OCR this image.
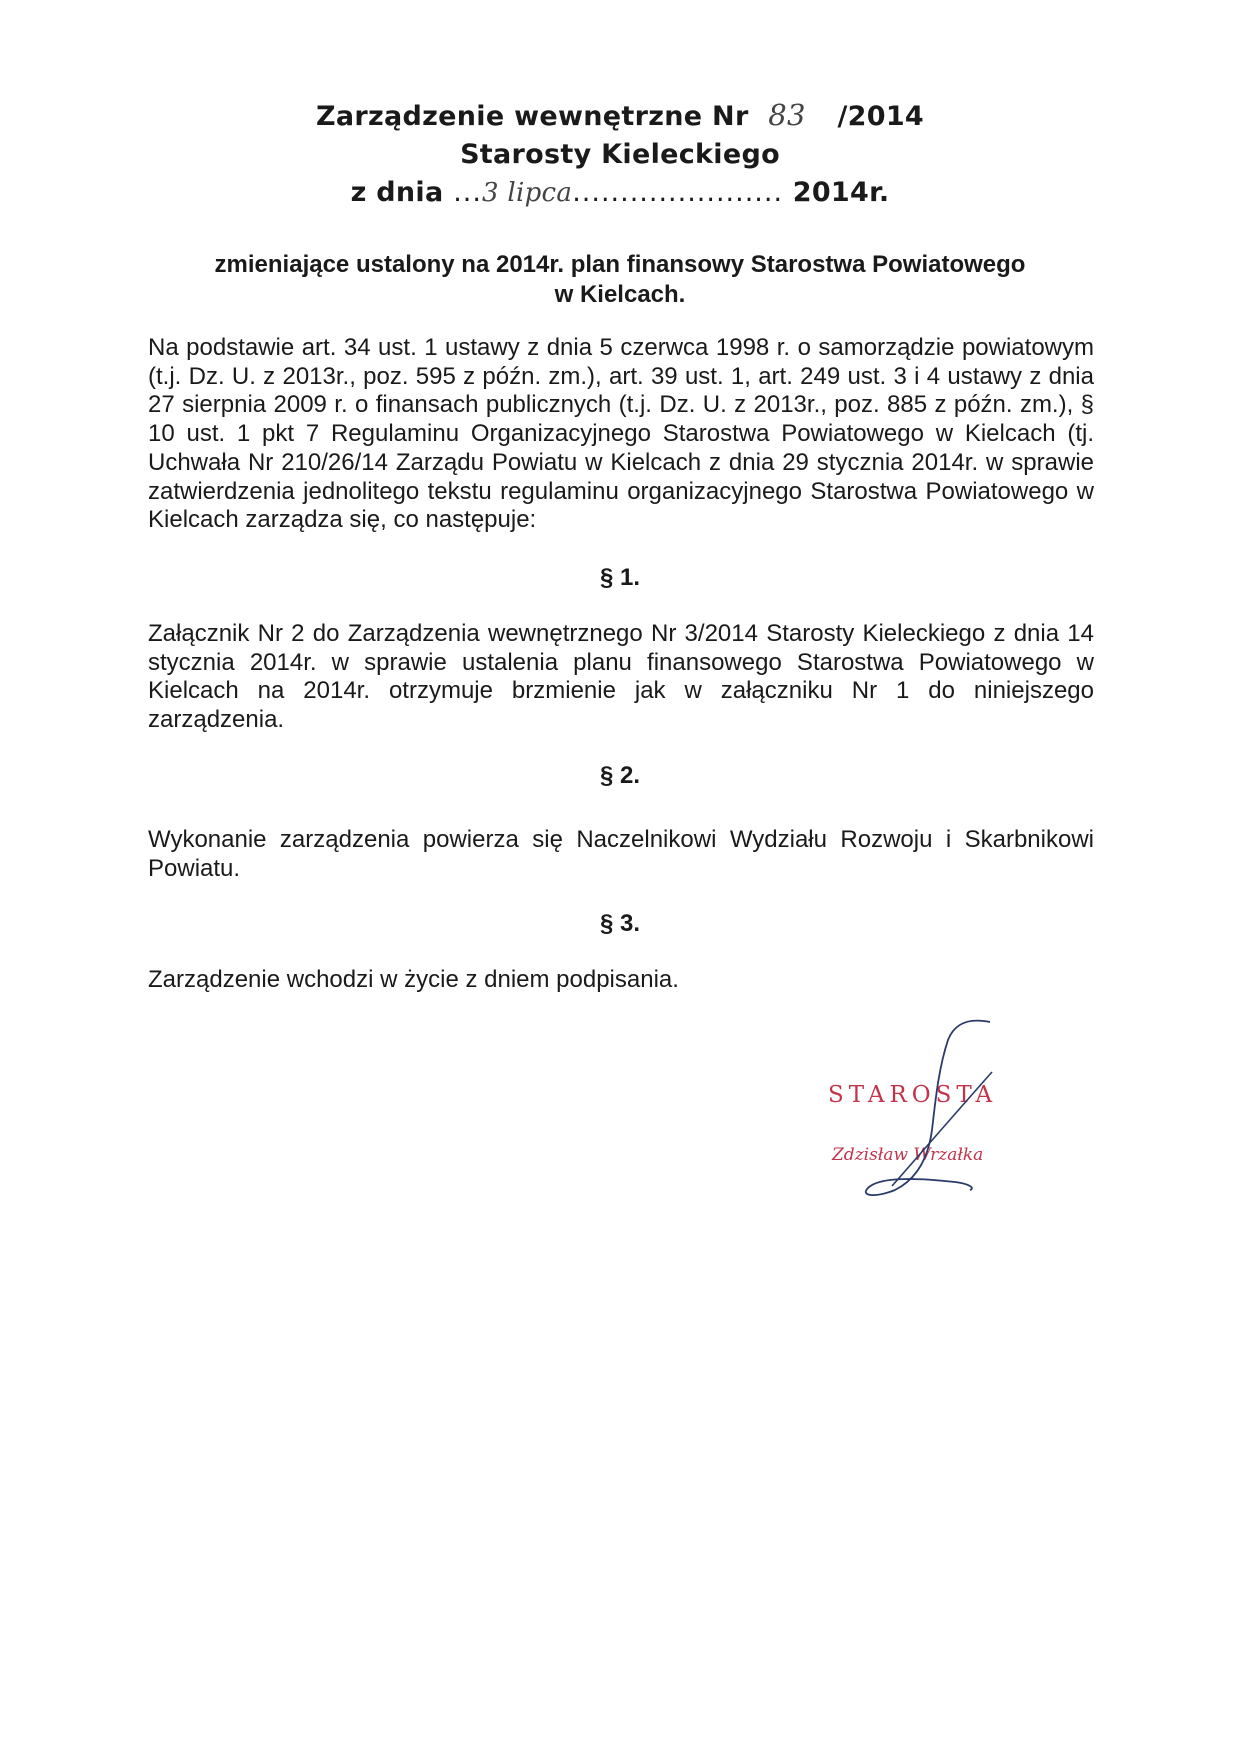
Zarządzenie wewnętrzne Nr 83 /2014
Starosty Kieleckiego
z dnia ...3 lipca...................... 2014r.
zmieniające ustalony na 2014r. plan finansowy Starostwa Powiatowego
w Kielcach.
Na podstawie art. 34 ust. 1 ustawy z dnia 5 czerwca 1998 r. o samorządzie powiatowym (t.j. Dz. U. z 2013r., poz. 595 z późn. zm.), art. 39 ust. 1, art. 249 ust. 3 i 4 ustawy z dnia 27 sierpnia 2009 r. o finansach publicznych (t.j. Dz. U. z 2013r., poz. 885 z późn. zm.), § 10 ust. 1 pkt 7 Regulaminu Organizacyjnego Starostwa Powiatowego w Kielcach (tj. Uchwała Nr 210/26/14 Zarządu Powiatu w Kielcach z dnia 29 stycznia 2014r. w sprawie zatwierdzenia jednolitego tekstu regulaminu organizacyjnego Starostwa Powiatowego w Kielcach zarządza się, co następuje:
§ 1.
Załącznik Nr 2 do Zarządzenia wewnętrznego Nr 3/2014 Starosty Kieleckiego z dnia 14 stycznia 2014r. w sprawie ustalenia planu finansowego Starostwa Powiatowego w Kielcach na 2014r. otrzymuje brzmienie jak w załączniku Nr 1 do niniejszego zarządzenia.
§ 2.
Wykonanie zarządzenia powierza się Naczelnikowi Wydziału Rozwoju i Skarbnikowi Powiatu.
§ 3.
Zarządzenie wchodzi w życie z dniem podpisania.
STAROSTA
Zdzisław Wrzałka
